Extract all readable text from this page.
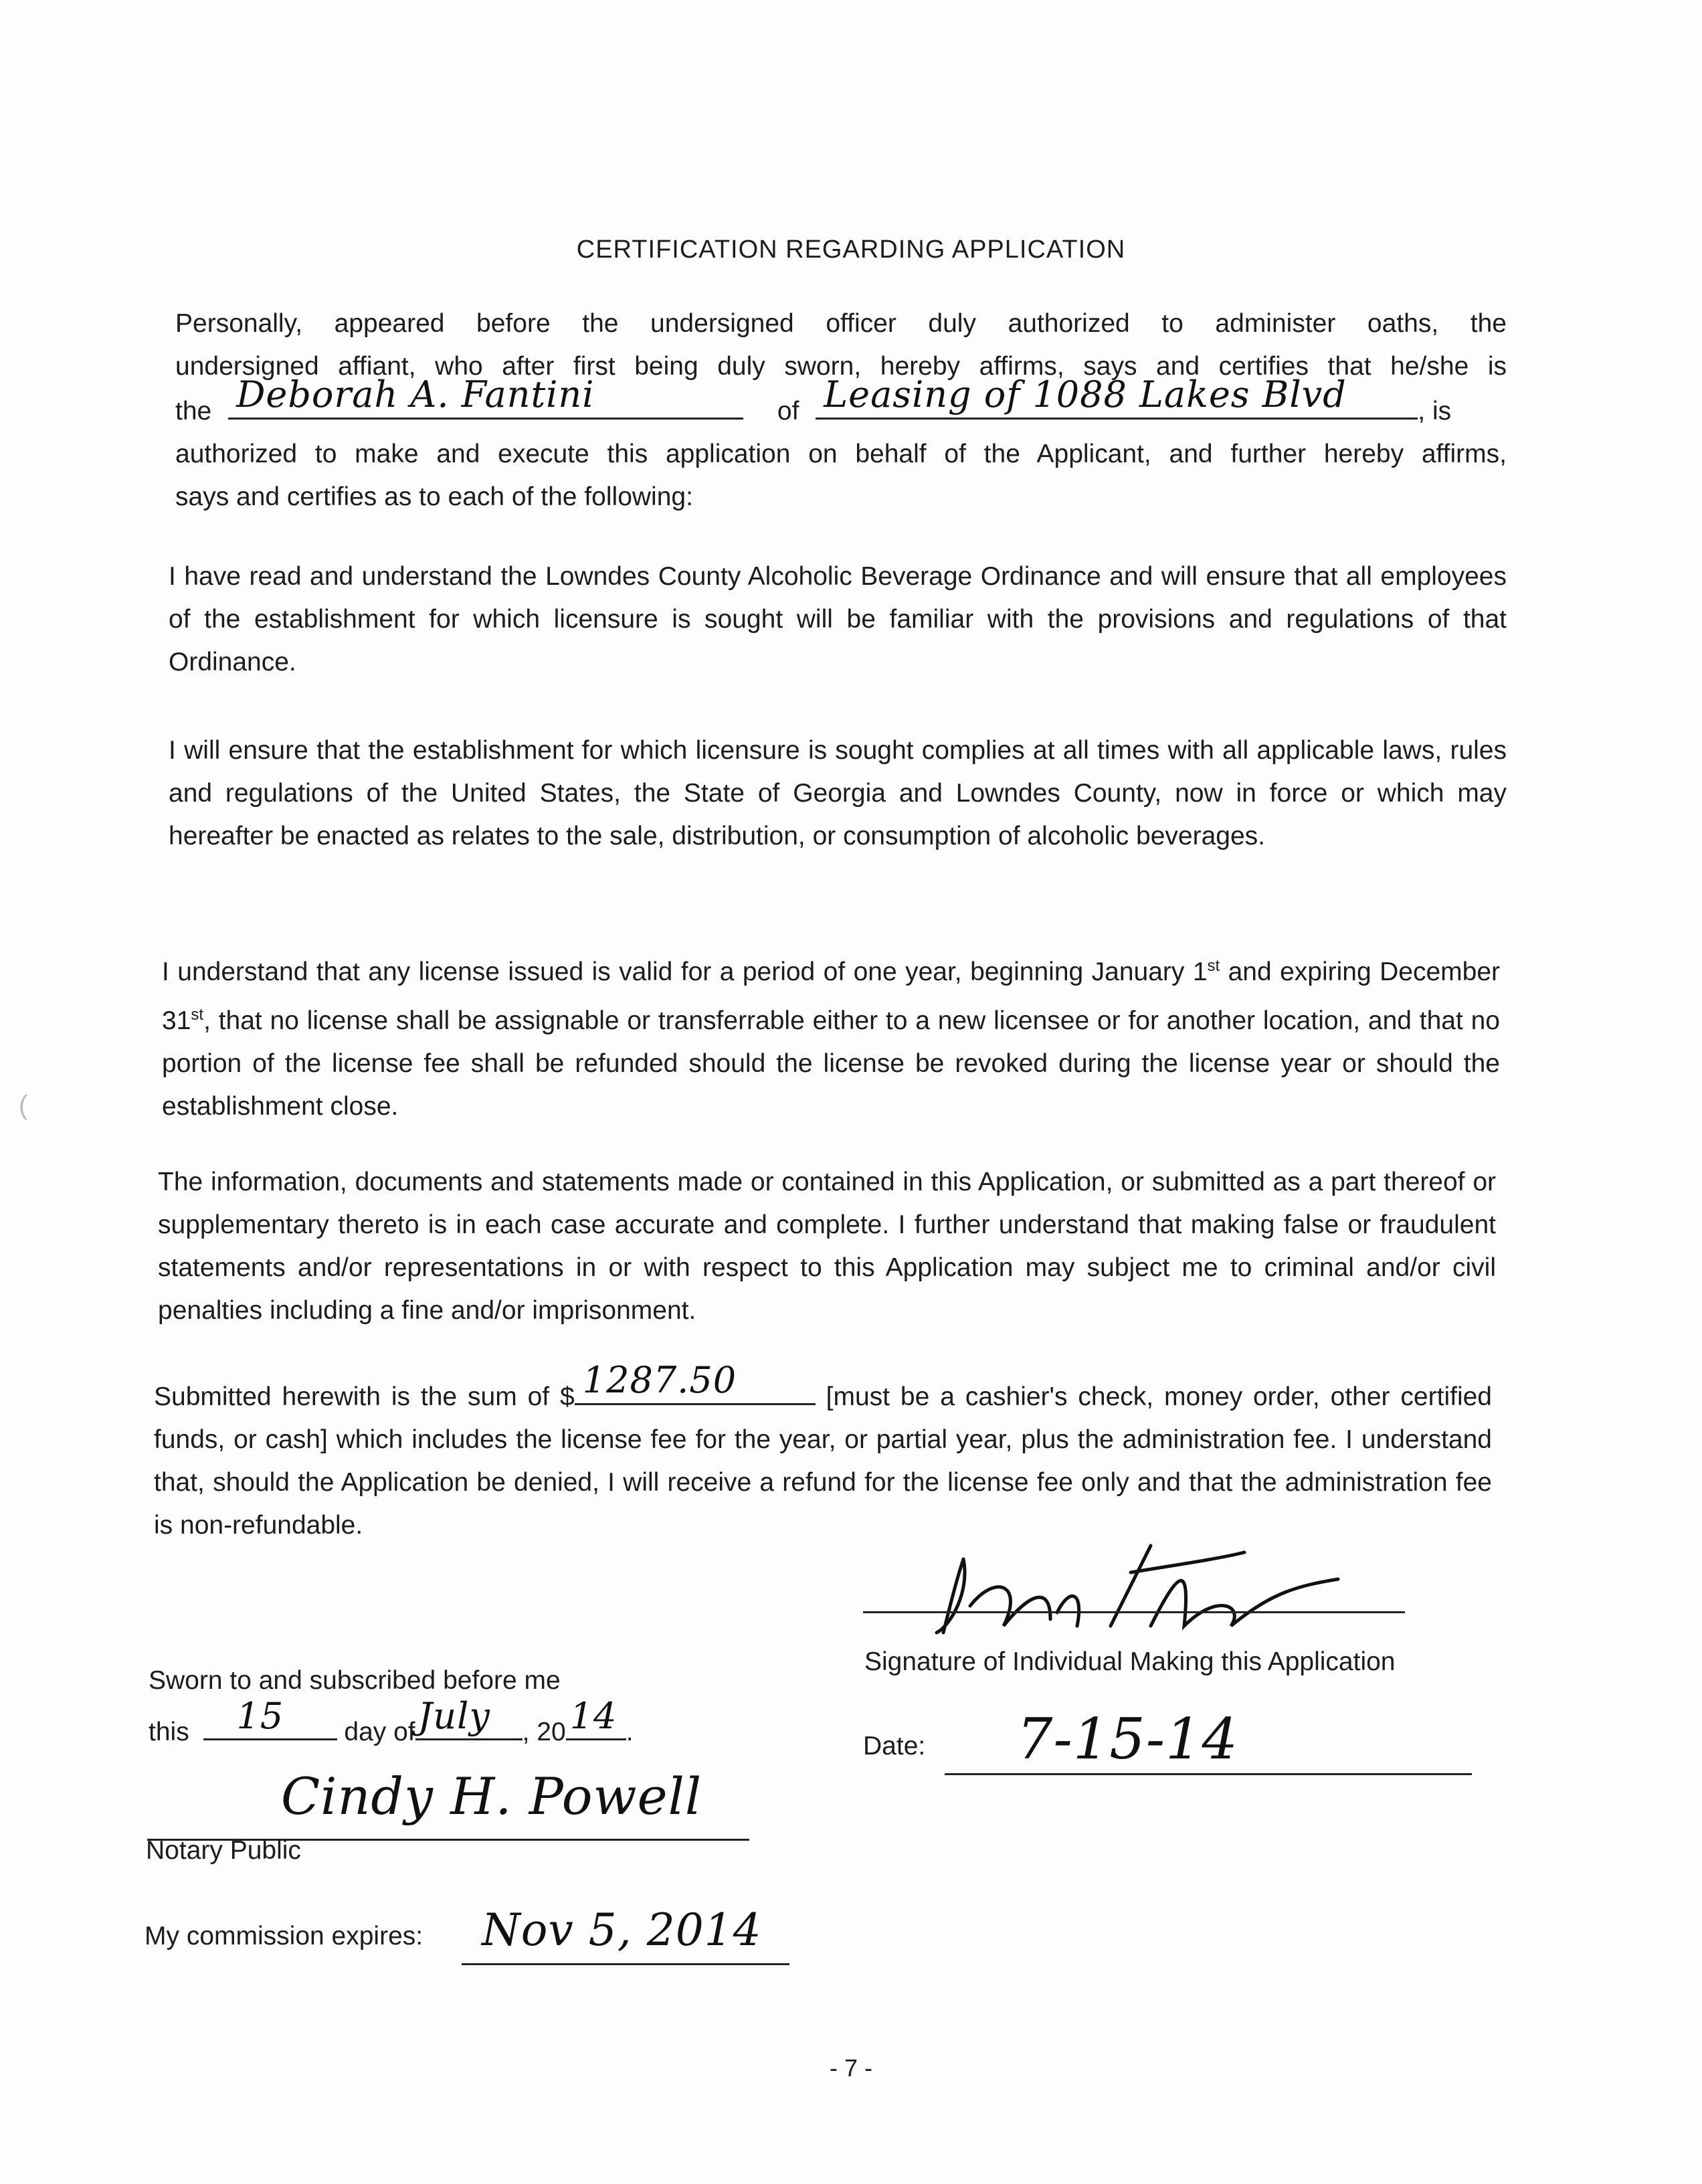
CERTIFICATION REGARDING APPLICATION
Personally, appeared before the undersigned officer duly authorized to administer oaths, the
undersigned affiant, who after first being duly sworn, hereby affirms, says and certifies that he/she is
the Deborah A. Fantini	of Leasing of 1088 Lakes Blvd	, is
authorized to make and execute this application on behalf of the Applicant, and further hereby affirms,
says and certifies as to each of the following:
I have read and understand the Lowndes County Alcoholic Beverage Ordinance and will ensure that all employees of the establishment for which licensure is sought will be familiar with the provisions and regulations of that Ordinance.
I will ensure that the establishment for which licensure is sought complies at all times with all applicable laws, rules and regulations of the United States, the State of Georgia and Lowndes County, now in force or which may hereafter be enacted as relates to the sale, distribution, or consumption of alcoholic beverages.
I understand that any license issued is valid for a period of one year, beginning January 1st and expiring December 31st, that no license shall be assignable or transferrable either to a new licensee or for another location, and that no portion of the license fee shall be refunded should the license be revoked during the license year or should the establishment close.
The information, documents and statements made or contained in this Application, or submitted as a part thereof or supplementary thereto is in each case accurate and complete. I further understand that making false or fraudulent statements and/or representations in or with respect to this Application may subject me to criminal and/or civil penalties including a fine and/or imprisonment.
Submitted herewith is the sum of $ 1287.50	[must be a cashier's check, money order, other certified funds, or cash] which includes the license fee for the year, or partial year, plus the administration fee. I understand that, should the Application be denied, I will receive a refund for the license fee only and that the administration fee is non-refundable.
Signature of Individual Making this Application
Date: 7-15-14
Sworn to and subscribed before me
this 15 day of July , 20 14 .
Cindy H. Powell
Notary Public
My commission expires: Nov 5, 2014
- 7 -
(
